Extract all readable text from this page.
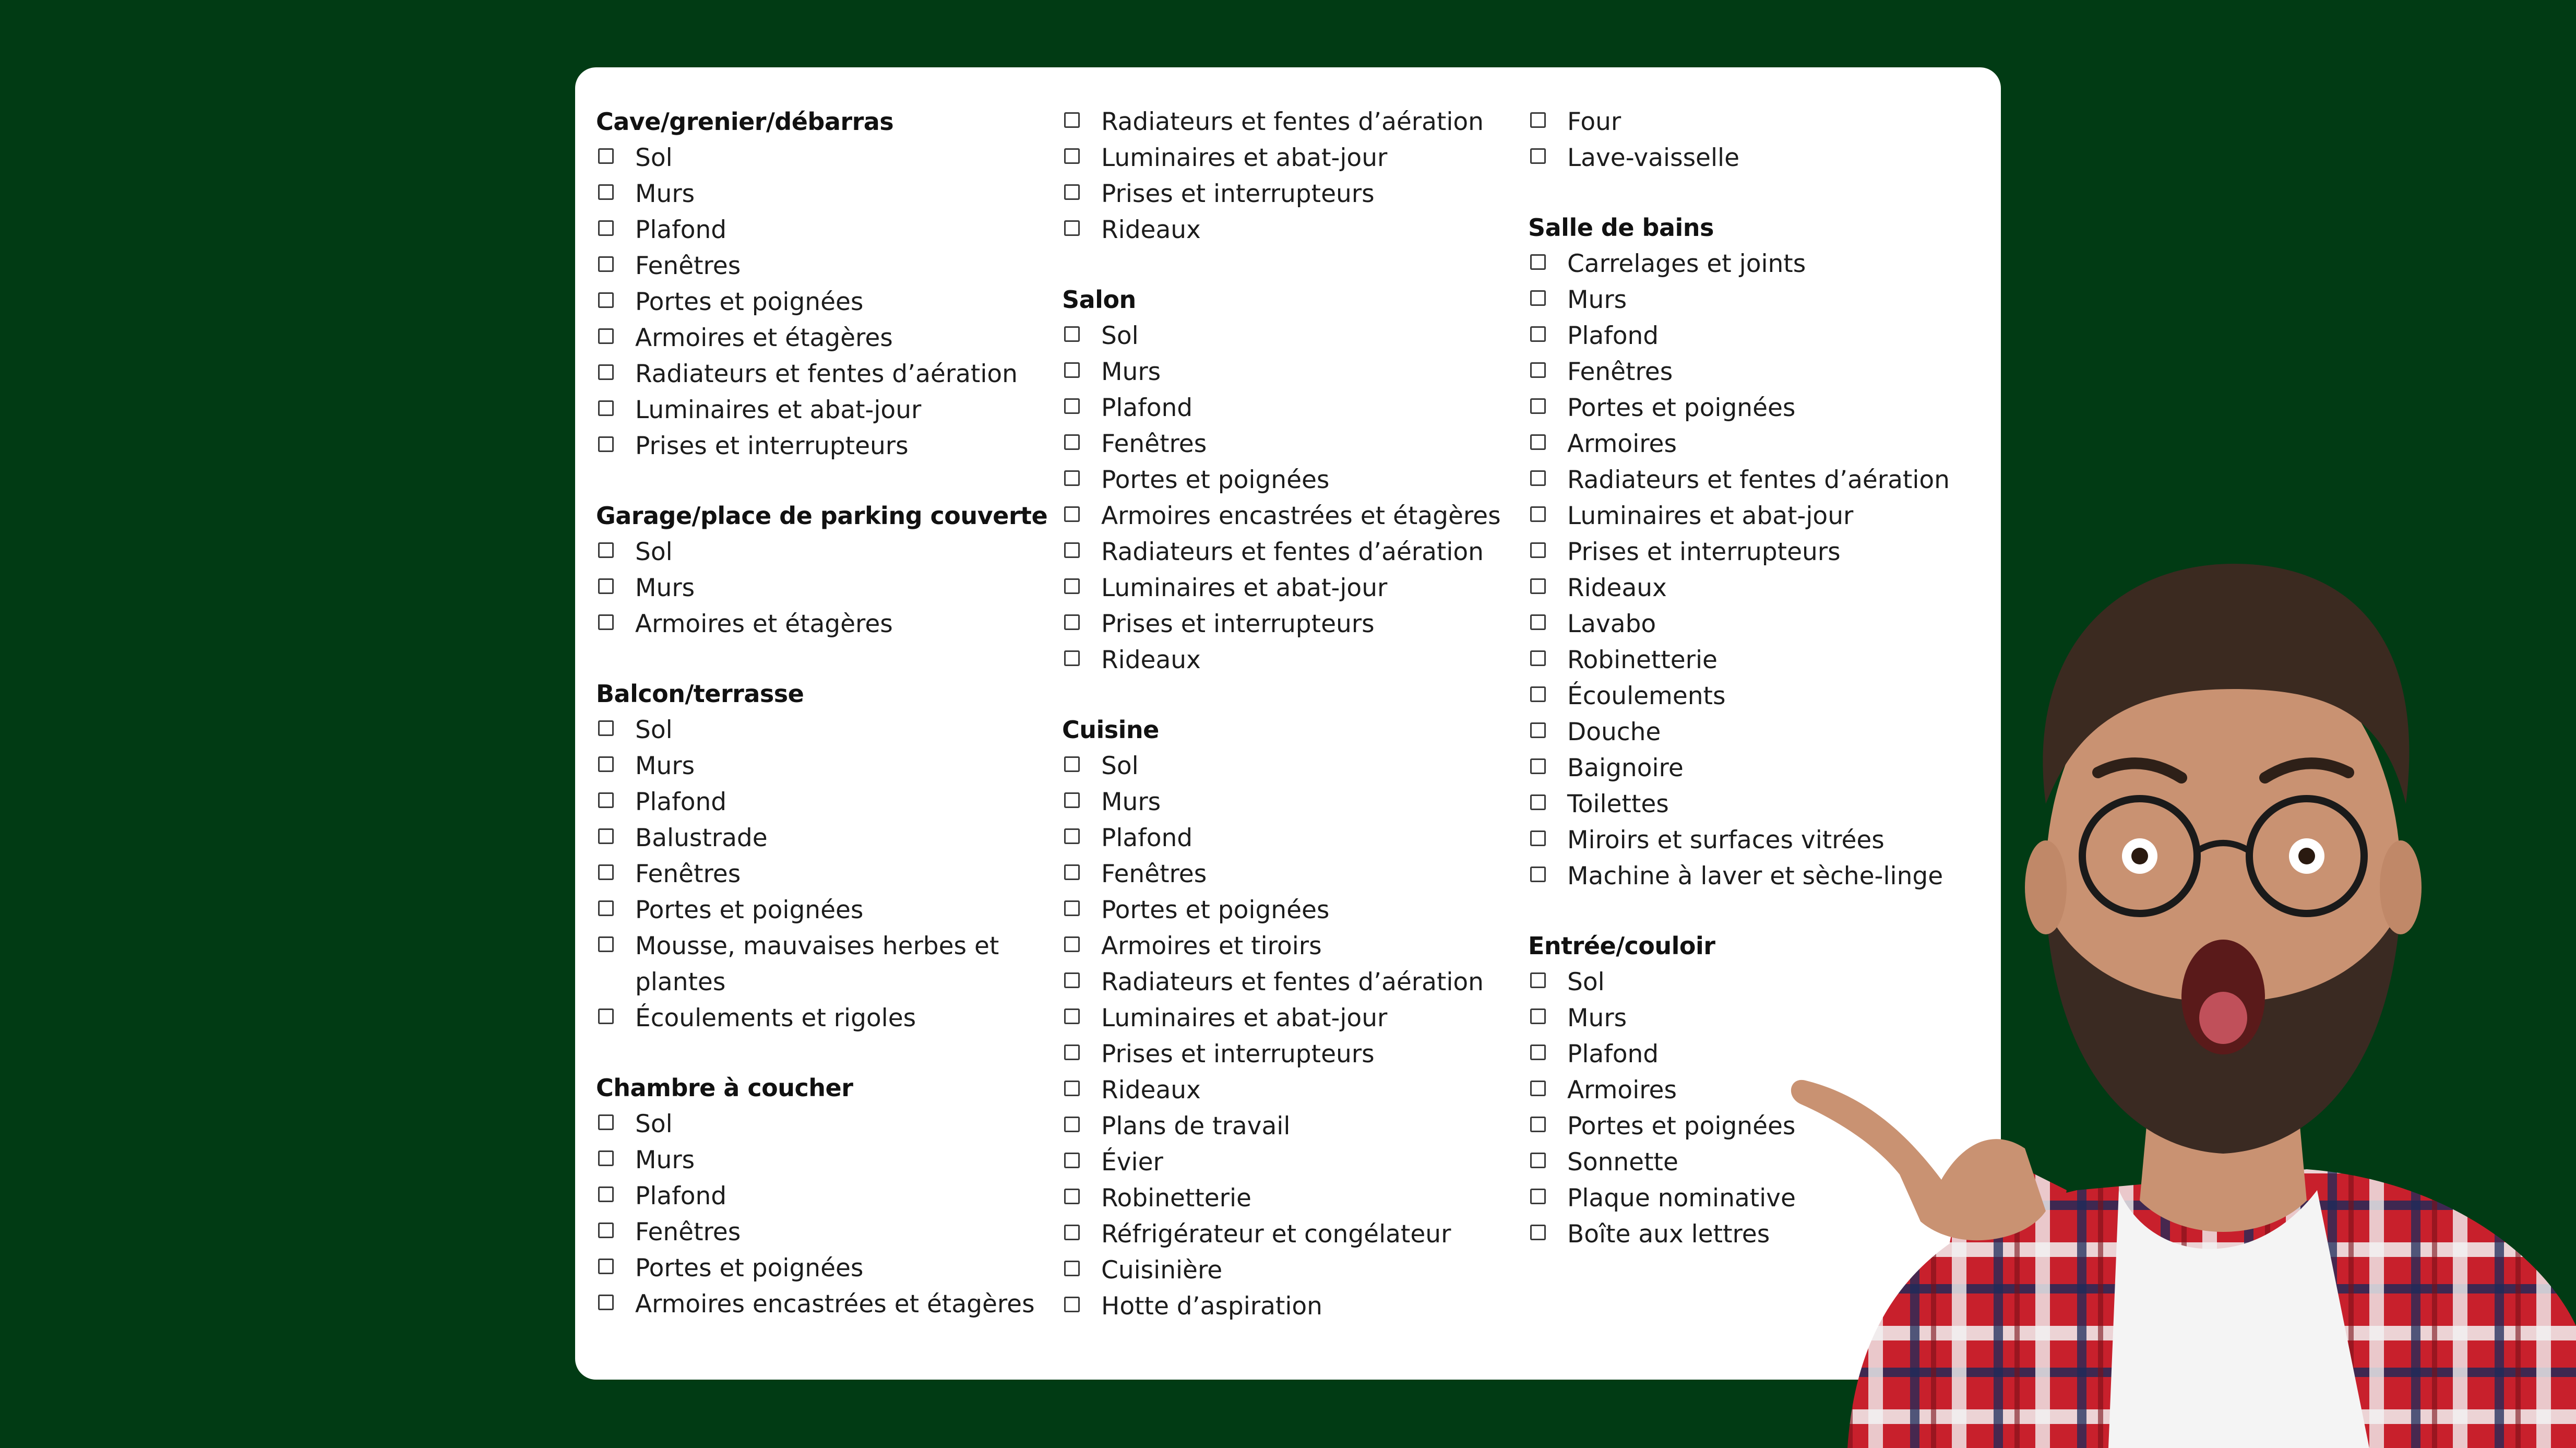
Cave/grenier/débarras
Sol
Murs
Plafond
Fenêtres
Portes et poignées
Armoires et étagères
Radiateurs et fentes d’aération
Luminaires et abat-jour
Prises et interrupteurs
Garage/place de parking couverte
Sol
Murs
Armoires et étagères
Balcon/terrasse
Sol
Murs
Plafond
Balustrade
Fenêtres
Portes et poignées
Mousse, mauvaises herbes et plantes
Écoulements et rigoles
Chambre à coucher
Sol
Murs
Plafond
Fenêtres
Portes et poignées
Armoires encastrées et étagères
Radiateurs et fentes d’aération
Luminaires et abat-jour
Prises et interrupteurs
Rideaux
Salon
Sol
Murs
Plafond
Fenêtres
Portes et poignées
Armoires encastrées et étagères
Radiateurs et fentes d’aération
Luminaires et abat-jour
Prises et interrupteurs
Rideaux
Cuisine
Sol
Murs
Plafond
Fenêtres
Portes et poignées
Armoires et tiroirs
Radiateurs et fentes d’aération
Luminaires et abat-jour
Prises et interrupteurs
Rideaux
Plans de travail
Évier
Robinetterie
Réfrigérateur et congélateur
Cuisinière
Hotte d’aspiration
Four
Lave-vaisselle
Salle de bains
Carrelages et joints
Murs
Plafond
Fenêtres
Portes et poignées
Armoires
Radiateurs et fentes d’aération
Luminaires et abat-jour
Prises et interrupteurs
Rideaux
Lavabo
Robinetterie
Écoulements
Douche
Baignoire
Toilettes
Miroirs et surfaces vitrées
Machine à laver et sèche-linge
Entrée/couloir
Sol
Murs
Plafond
Armoires
Portes et poignées
Sonnette
Plaque nominative
Boîte aux lettres
